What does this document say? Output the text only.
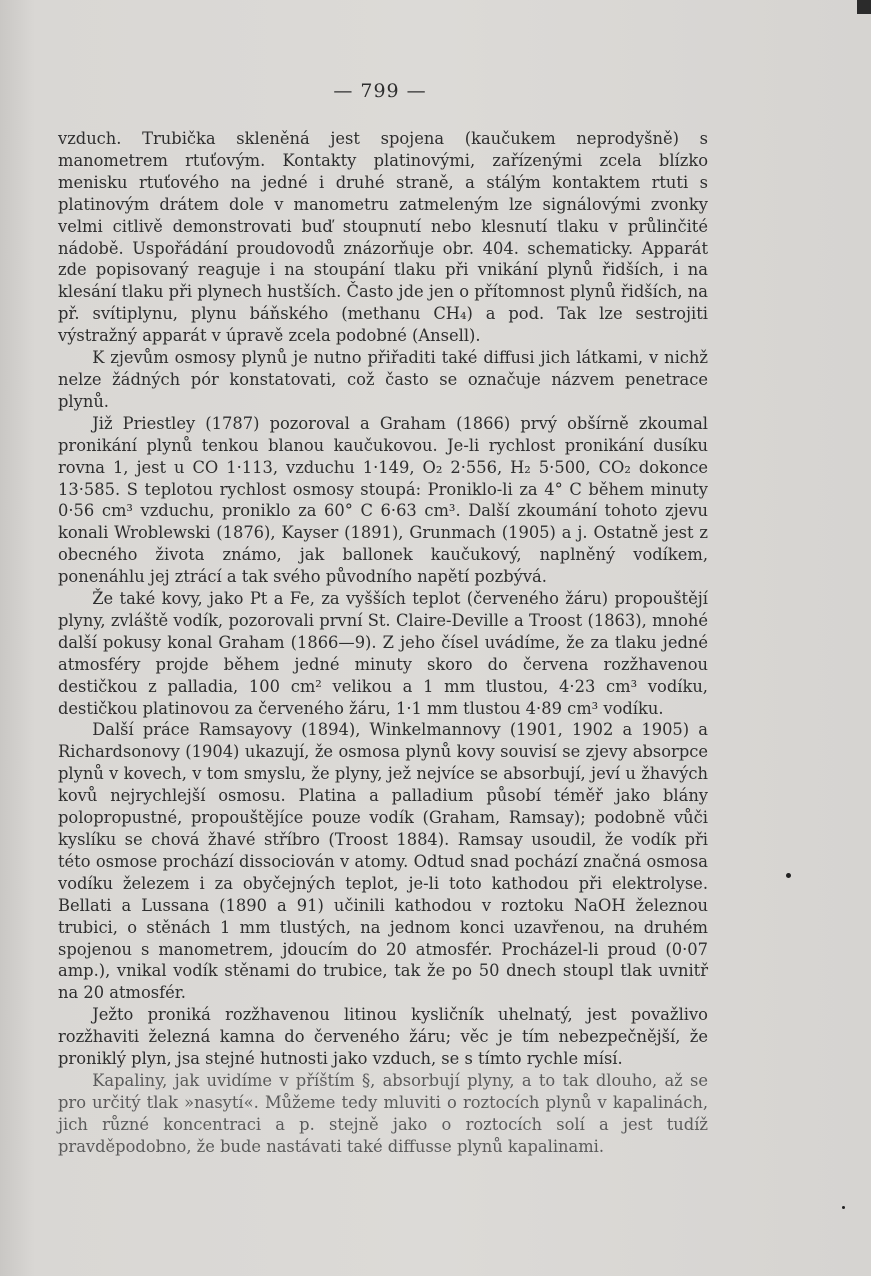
— 799 —

vzduch. Trubička skleněná jest spojena (kaučukem neprodyšně) s manometrem rtuťovým. Kontakty platinovými, zařízenými zcela blízko menisku rtuťového na jedné i druhé straně, a stálým kontaktem rtuti s platinovým drátem dole v manometru zatmeleným lze signálovými zvonky velmi citlivě demonstrovati buď stoupnutí nebo klesnutí tlaku v průlinčité nádobě. Uspořádání proudovodů znázorňuje obr. 404. schematicky. Apparát zde popisovaný reaguje i na stoupání tlaku při vnikání plynů řidších, i na klesání tlaku při plynech hustších. Často jde jen o přítomnost plynů řidších, na př. svítiplynu, plynu báňského (methanu CH₄) a pod. Tak lze sestrojiti výstražný apparát v úpravě zcela podobné (Ansell).

K zjevům osmosy plynů je nutno přiřaditi také diffusi jich látkami, v nichž nelze žádných pór konstatovati, což často se označuje názvem penetrace plynů.

Již Priestley (1787) pozoroval a Graham (1866) prvý obšírně zkoumal pronikání plynů tenkou blanou kaučukovou. Je-li rychlost pronikání dusíku rovna 1, jest u CO 1·113, vzduchu 1·149, O₂ 2·556, H₂ 5·500, CO₂ dokonce 13·585. S teplotou rychlost osmosy stoupá: Proniklo-li za 4° C během minuty 0·56 cm³ vzduchu, proniklo za 60° C 6·63 cm³. Další zkoumání tohoto zjevu konali Wroblewski (1876), Kayser (1891), Grunmach (1905) a j. Ostatně jest z obecného života známo, jak ballonek kaučukový, naplněný vodíkem, ponenáhlu jej ztrácí a tak svého původního napětí pozbývá.

Že také kovy, jako Pt a Fe, za vyšších teplot (červeného žáru) propouštějí plyny, zvláště vodík, pozorovali první St. Claire-Deville a Troost (1863), mnohé další pokusy konal Graham (1866—9). Z jeho čísel uvádíme, že za tlaku jedné atmosféry projde během jedné minuty skoro do červena rozžhavenou destičkou z palladia, 100 cm² velikou a 1 mm tlustou, 4·23 cm³ vodíku, destičkou platinovou za červeného žáru, 1·1 mm tlustou 4·89 cm³ vodíku.

Další práce Ramsayovy (1894), Winkelmannovy (1901, 1902 a 1905) a Richardsonovy (1904) ukazují, že osmosa plynů kovy souvisí se zjevy absorpce plynů v kovech, v tom smyslu, že plyny, jež nejvíce se absorbují, jeví u žhavých kovů nejrychlejší osmosu. Platina a palladium působí téměř jako blány polopropustné, propouštějíce pouze vodík (Graham, Ramsay); podobně vůči kyslíku se chová žhavé stříbro (Troost 1884). Ramsay usoudil, že vodík při této osmose prochází dissociován v atomy. Odtud snad pochází značná osmosa vodíku železem i za obyčejných teplot, je-li toto kathodou při elektrolyse. Bellati a Lussana (1890 a 91) učinili kathodou v roztoku NaOH železnou trubici, o stěnách 1 mm tlustých, na jednom konci uzavřenou, na druhém spojenou s manometrem, jdoucím do 20 atmosfér. Procházel-li proud (0·07 amp.), vnikal vodík stěnami do trubice, tak že po 50 dnech stoupl tlak uvnitř na 20 atmosfér.

Ježto proniká rozžhavenou litinou kysličník uhelnatý, jest považlivo rozžhaviti železná kamna do červeného žáru; věc je tím nebezpečnější, že proniklý plyn, jsa stejné hutnosti jako vzduch, se s tímto rychle mísí.

Kapaliny, jak uvidíme v příštím §, absorbují plyny, a to tak dlouho, až se pro určitý tlak »nasytí«. Můžeme tedy mluviti o roztocích plynů v kapalinách, jich různé koncentraci a p. stejně jako o roztocích solí a jest tudíž pravděpodobno, že bude nastávati také diffusse plynů kapalinami.
